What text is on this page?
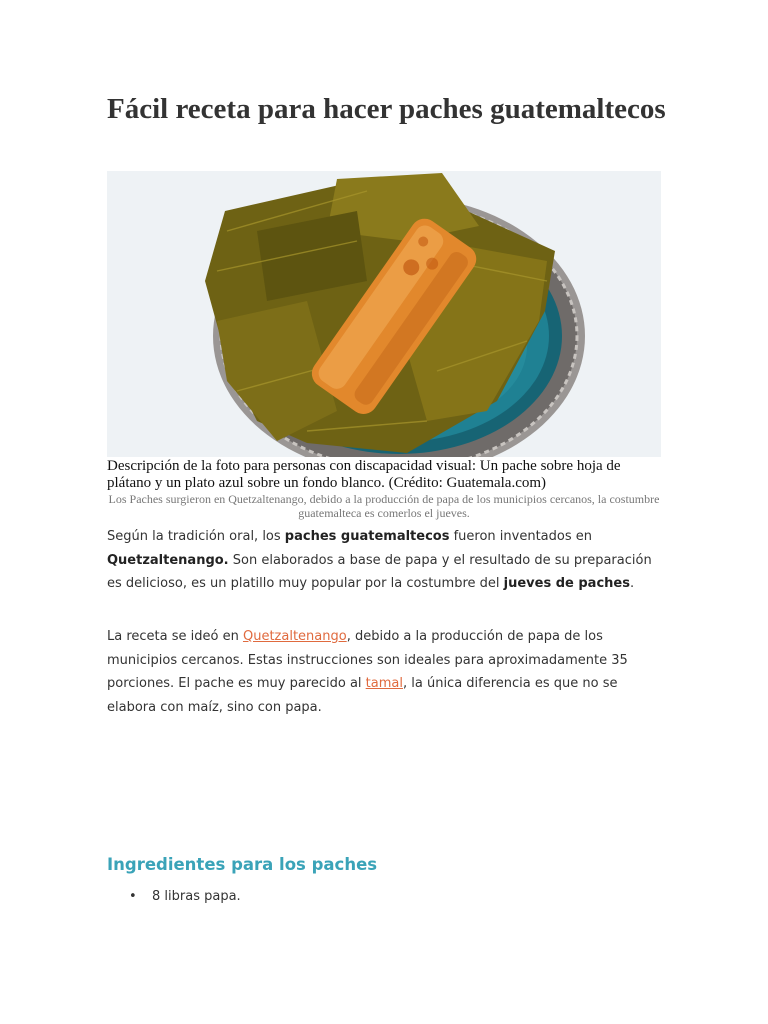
Fácil receta para hacer paches guatemaltecos

Descripción de la foto para personas con discapacidad visual: Un pache sobre hoja de plátano y un plato azul sobre un fondo blanco. (Crédito: Guatemala.com)

Los Paches surgieron en Quetzaltenango, debido a la producción de papa de los municipios cercanos, la costumbre guatemalteca es comerlos el jueves.

Según la tradición oral, los paches guatemaltecos fueron inventados en Quetzaltenango. Son elaborados a base de papa y el resultado de su preparación es delicioso, es un platillo muy popular por la costumbre del jueves de paches.

La receta se ideó en Quetzaltenango, debido a la producción de papa de los municipios cercanos. Estas instrucciones son ideales para aproximadamente 35 porciones. El pache es muy parecido al tamal, la única diferencia es que no se elabora con maíz, sino con papa.

Ingredientes para los paches
• 8 libras papa.
